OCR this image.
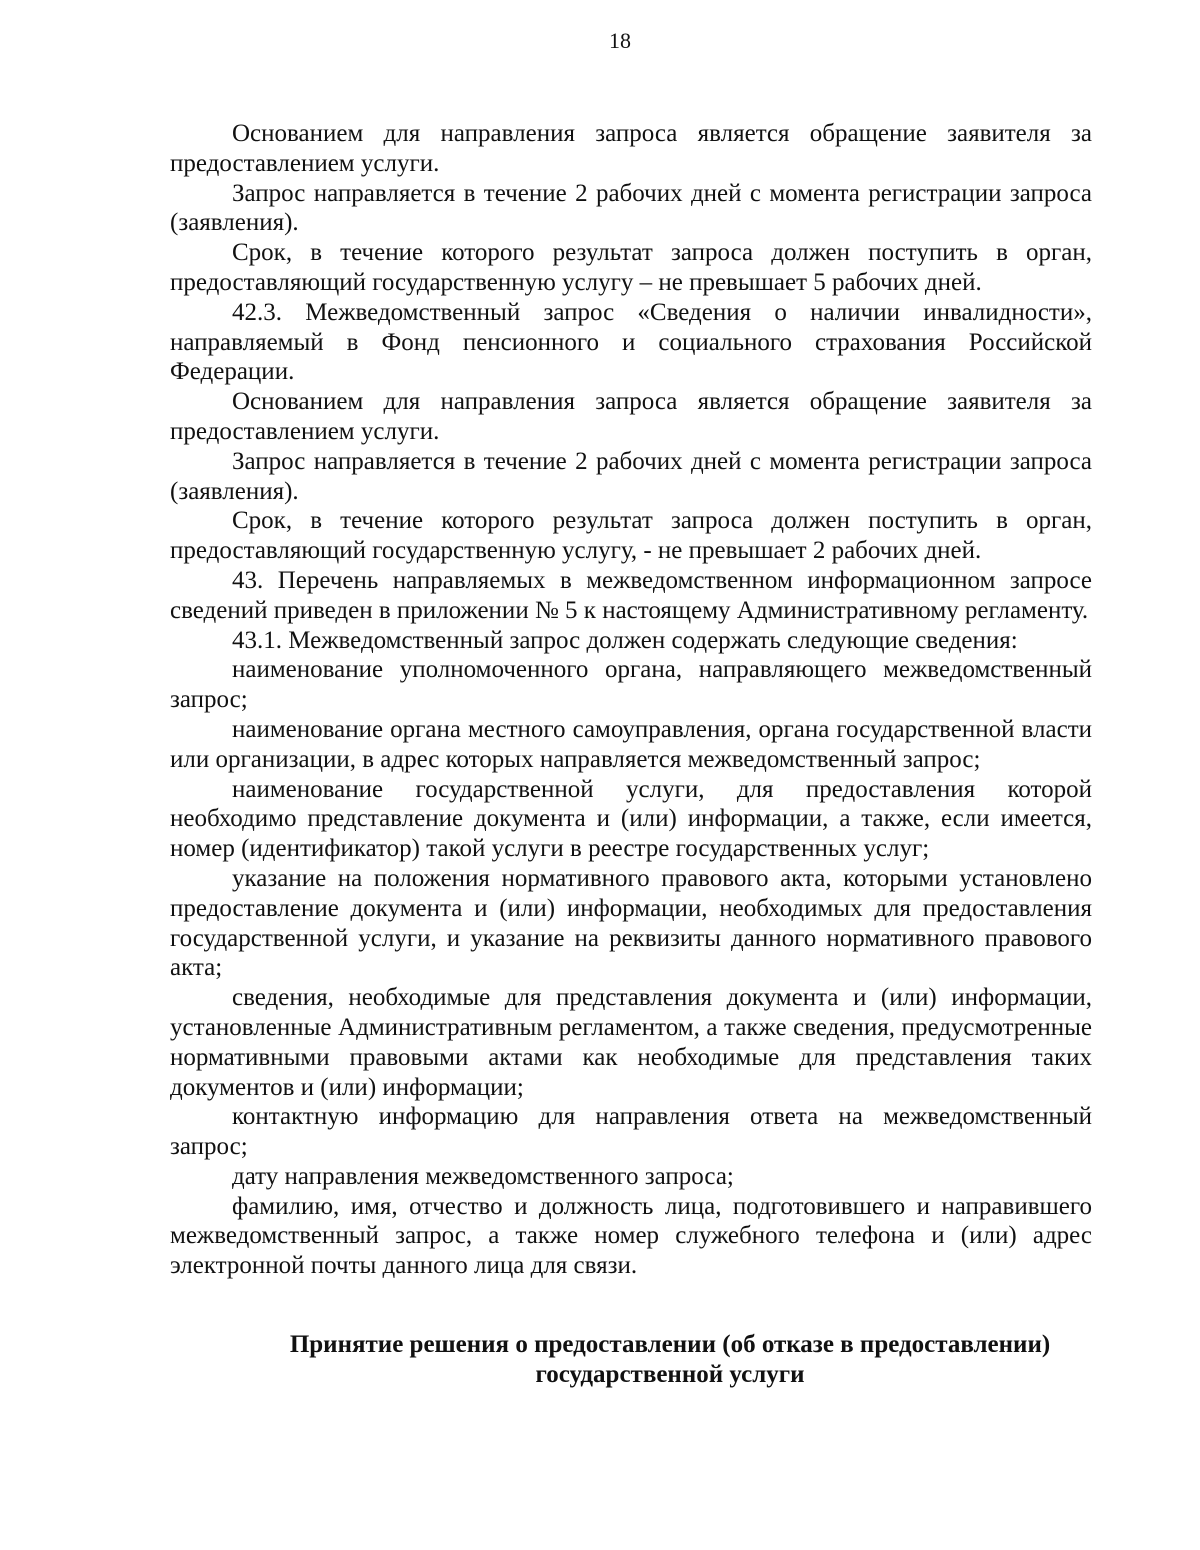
18

Основанием для направления запроса является обращение заявителя за предоставлением услуги.

Запрос направляется в течение 2 рабочих дней с момента регистрации запроса (заявления).

Срок, в течение которого результат запроса должен поступить в орган, предоставляющий государственную услугу – не превышает 5 рабочих дней.

42.3. Межведомственный запрос «Сведения о наличии инвалидности», направляемый в Фонд пенсионного и социального страхования Российской Федерации.

Основанием для направления запроса является обращение заявителя за предоставлением услуги.

Запрос направляется в течение 2 рабочих дней с момента регистрации запроса (заявления).

Срок, в течение которого результат запроса должен поступить в орган, предоставляющий государственную услугу, - не превышает 2 рабочих дней.

43. Перечень направляемых в межведомственном информационном запросе сведений приведен в приложении № 5 к настоящему Административному регламенту.

43.1. Межведомственный запрос должен содержать следующие сведения:

наименование уполномоченного органа, направляющего межведомственный запрос;

наименование органа местного самоуправления, органа государственной власти или организации, в адрес которых направляется межведомственный запрос;

наименование государственной услуги, для предоставления которой необходимо представление документа и (или) информации, а также, если имеется, номер (идентификатор) такой услуги в реестре государственных услуг;

указание на положения нормативного правового акта, которыми установлено предоставление документа и (или) информации, необходимых для предоставления государственной услуги, и указание на реквизиты данного нормативного правового акта;

сведения, необходимые для представления документа и (или) информации, установленные Административным регламентом, а также сведения, предусмотренные нормативными правовыми актами как необходимые для представления таких документов и (или) информации;

контактную информацию для направления ответа на межведомственный запрос;

дату направления межведомственного запроса;

фамилию, имя, отчество и должность лица, подготовившего и направившего межведомственный запрос, а также номер служебного телефона и (или) адрес электронной почты данного лица для связи.

Принятие решения о предоставлении (об отказе в предоставлении)
государственной услуги
